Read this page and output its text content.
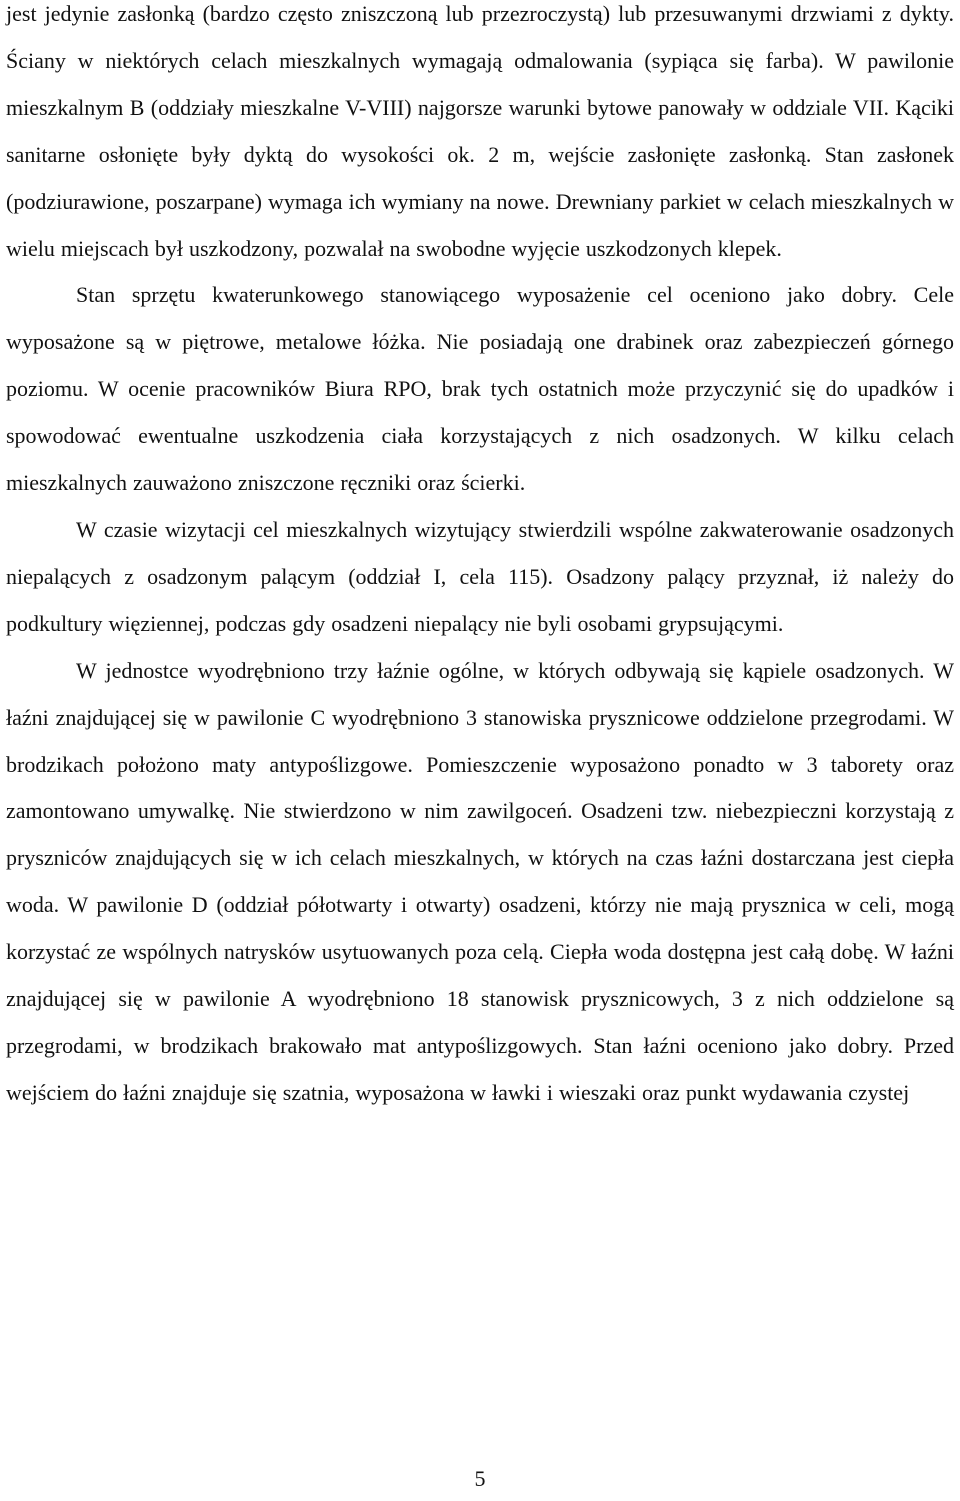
jest jedynie zasłonką (bardzo często zniszczoną lub przezroczystą) lub przesuwanymi drzwiami z dykty. Ściany w niektórych celach mieszkalnych wymagają odmalowania (sypiąca się farba). W pawilonie mieszkalnym B (oddziały mieszkalne V-VIII) najgorsze warunki bytowe panowały w oddziale VII. Kąciki sanitarne osłonięte były dyktą do wysokości ok. 2 m, wejście zasłonięte zasłonką. Stan zasłonek (podziurawione, poszarpane) wymaga ich wymiany na nowe. Drewniany parkiet w celach mieszkalnych w wielu miejscach był uszkodzony, pozwalał na swobodne wyjęcie uszkodzonych klepek.

Stan sprzętu kwaterunkowego stanowiącego wyposażenie cel oceniono jako dobry. Cele wyposażone są w piętrowe, metalowe łóżka. Nie posiadają one drabinek oraz zabezpieczeń górnego poziomu. W ocenie pracowników Biura RPO, brak tych ostatnich może przyczynić się do upadków i spowodować ewentualne uszkodzenia ciała korzystających z nich osadzonych. W kilku celach mieszkalnych zauważono zniszczone ręczniki oraz ścierki.

W czasie wizytacji cel mieszkalnych wizytujący stwierdzili wspólne zakwaterowanie osadzonych niepalących z osadzonym palącym (oddział I, cela 115). Osadzony palący przyznał, iż należy do podkultury więziennej, podczas gdy osadzeni niepalący nie byli osobami grypsującymi.

W jednostce wyodrębniono trzy łaźnie ogólne, w których odbywają się kąpiele osadzonych. W łaźni znajdującej się w pawilonie C wyodrębniono 3 stanowiska prysznicowe oddzielone przegrodami. W brodzikach położono maty antypoślizgowe. Pomieszczenie wyposażono ponadto w 3 taborety oraz zamontowano umywalkę. Nie stwierdzono w nim zawilgoceń. Osadzeni tzw. niebezpieczni korzystają z pryszniców znajdujących się w ich celach mieszkalnych, w których na czas łaźni dostarczana jest ciepła woda. W pawilonie D (oddział półotwarty i otwarty) osadzeni, którzy nie mają prysznica w celi, mogą korzystać ze wspólnych natrysków usytuowanych poza celą. Ciepła woda dostępna jest całą dobę. W łaźni znajdującej się w pawilonie A wyodrębniono 18 stanowisk prysznicowych, 3 z nich oddzielone są przegrodami, w brodzikach brakowało mat antypoślizgowych. Stan łaźni oceniono jako dobry. Przed wejściem do łaźni znajduje się szatnia, wyposażona w ławki i wieszaki oraz punkt wydawania czystej

5
